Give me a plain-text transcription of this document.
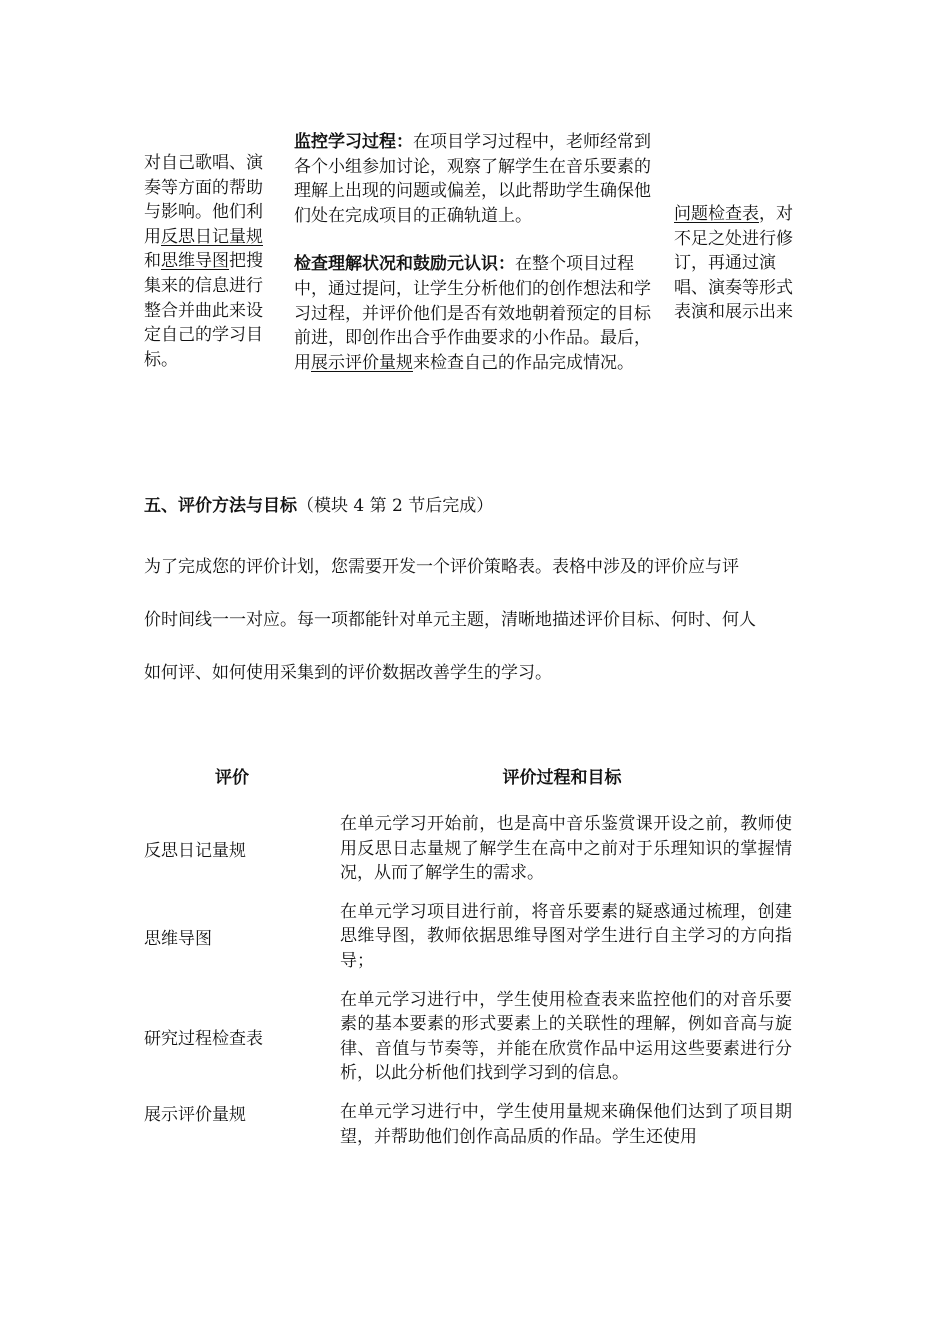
对自己歌唱、演奏等方面的帮助与影响。他们利用反思日记量规和思维导图把搜集来的信息进行整合并曲此来设定自己的学习目标。

监控学习过程：在项目学习过程中，老师经常到各个小组参加讨论，观察了解学生在音乐要素的理解上出现的问题或偏差，以此帮助学生确保他们处在完成项目的正确轨道上。

检查理解状况和鼓励元认识：在整个项目过程中，通过提问，让学生分析他们的创作想法和学习过程，并评价他们是否有效地朝着预定的目标前进，即创作出合乎作曲要求的小作品。最后，用展示评价量规来检查自己的作品完成情况。

问题检查表，对不足之处进行修订，再通过演唱、演奏等形式表演和展示出来
五、评价方法与目标（模块 4 第 2 节后完成）
为了完成您的评价计划，您需要开发一个评价策略表。表格中涉及的评价应与评
价时间线一一对应。每一项都能针对单元主题，清晰地描述评价目标、何时、何人
如何评、如何使用采集到的评价数据改善学生的学习。
评价	评价过程和目标
反思日记量规
在单元学习开始前，也是高中音乐鉴赏课开设之前，教师使用反思日志量规了解学生在高中之前对于乐理知识的掌握情况，从而了解学生的需求。
思维导图
在单元学习项目进行前，将音乐要素的疑惑通过梳理，创建思维导图，教师依据思维导图对学生进行自主学习的方向指导；
研究过程检查表
在单元学习进行中，学生使用检查表来监控他们的对音乐要素的基本要素的形式要素上的关联性的理解，例如音高与旋律、音值与节奏等，并能在欣赏作品中运用这些要素进行分析，以此分析他们找到学习到的信息。
展示评价量规	在单元学习进行中，学生使用量规来确保他们达到了项目期望，并帮助他们创作高品质的作品。学生还使用
